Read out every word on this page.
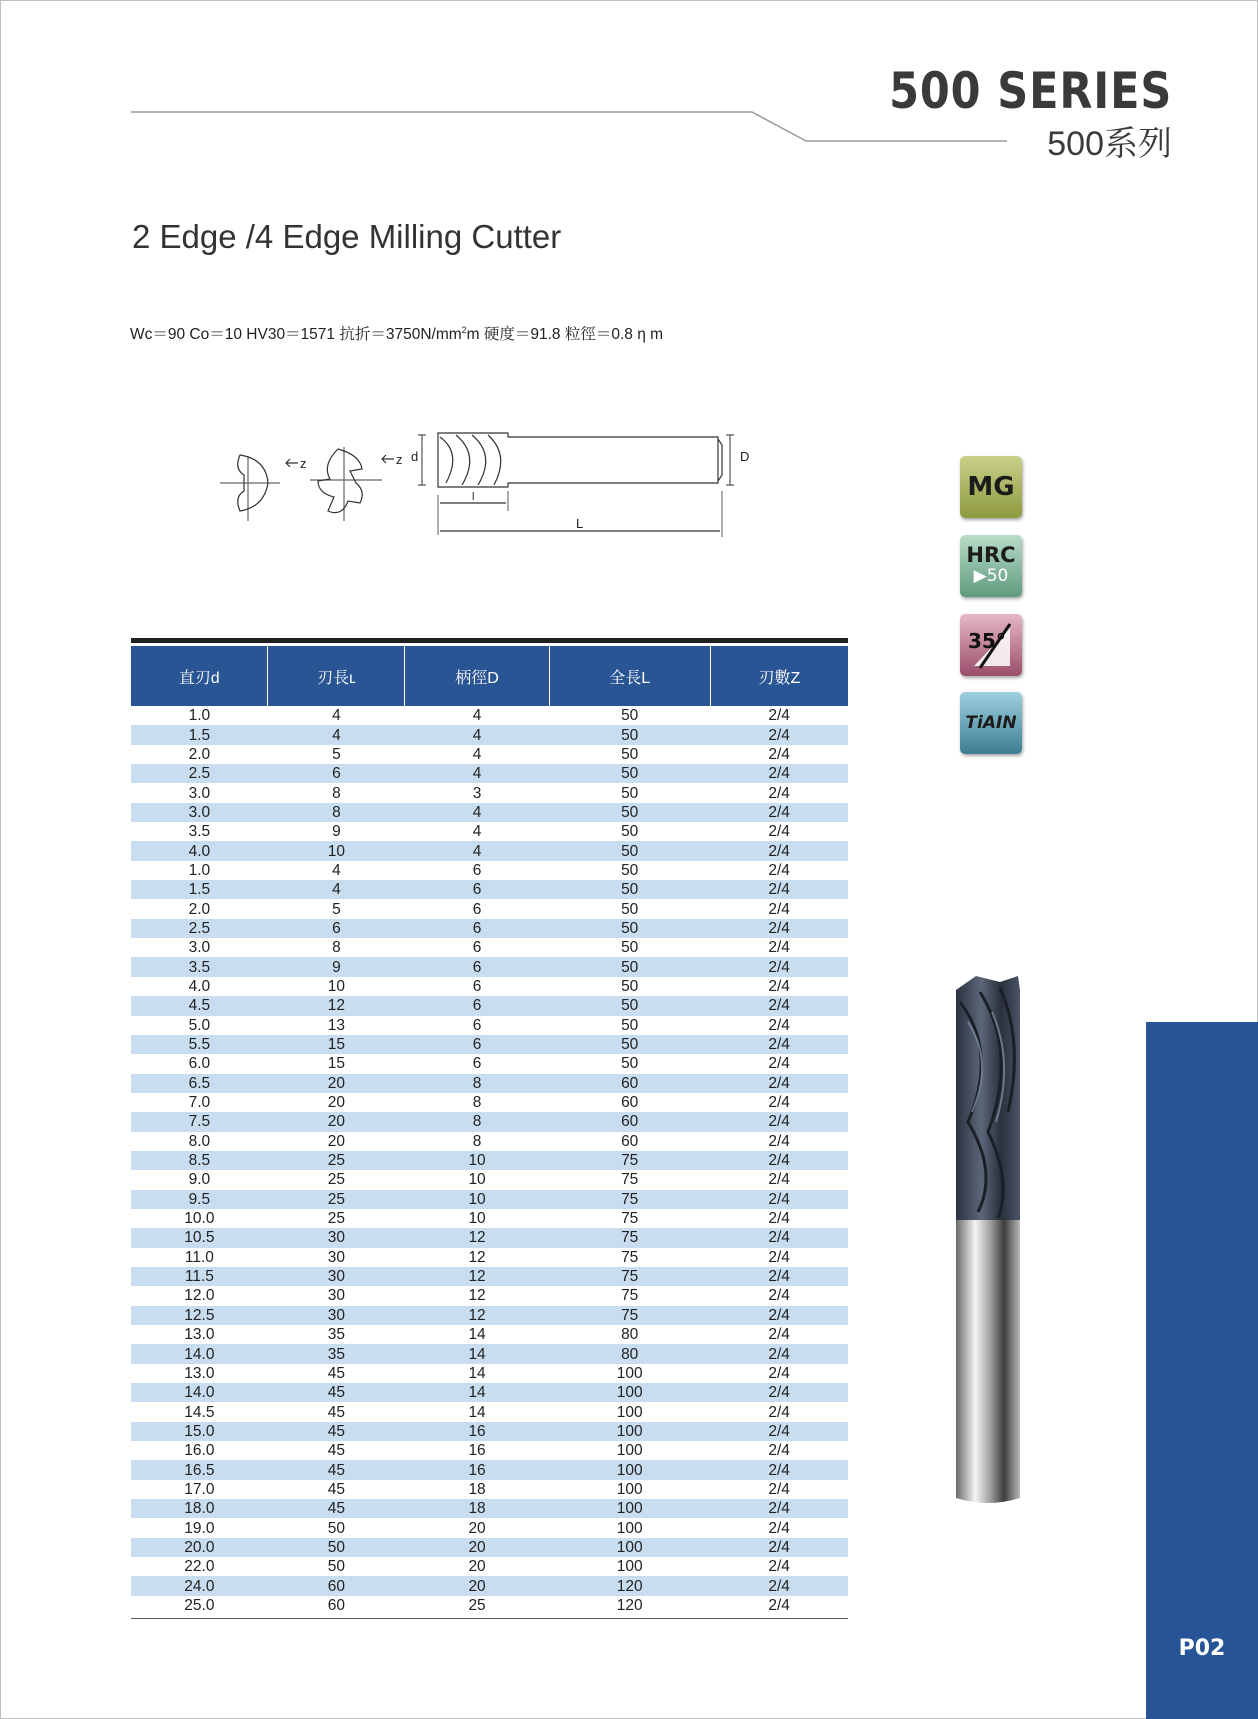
500 SERIES
500系列
2 Edge /4 Edge Milling Cutter
Wc＝90 Co＝10 HV30＝1571 抗折$=3750N/mm^2m$ 硬度＝91.8 粒徑＝0.8 η m
z	z d	D
l
L
MG
HRC
▶50
35°
TiAIN
直刃d	刃長ʟ	柄徑D	全長L	刃數Z
1.0	4	4	50	2/4
1.5	4	4	50	2/4
2.0	5	4	50	2/4
2.5	6	4	50	2/4
3.0	8	3	50	2/4
3.0	8	4	50	2/4
3.5	9	4	50	2/4
4.0	10	4	50	2/4
1.0	4	6	50	2/4
1.5	4	6	50	2/4
2.0	5	6	50	2/4
2.5	6	6	50	2/4
3.0	8	6	50	2/4
3.5	9	6	50	2/4
4.0	10	6	50	2/4
4.5	12	6	50	2/4
5.0	13	6	50	2/4
5.5	15	6	50	2/4
6.0	15	6	50	2/4
6.5	20	8	60	2/4
7.0	20	8	60	2/4
7.5	20	8	60	2/4
8.0	20	8	60	2/4
8.5	25	10	75	2/4
9.0	25	10	75	2/4
9.5	25	10	75	2/4
10.0	25	10	75	2/4
10.5	30	12	75	2/4
11.0	30	12	75	2/4
11.5	30	12	75	2/4
12.0	30	12	75	2/4
12.5	30	12	75	2/4
13.0	35	14	80	2/4
14.0	35	14	80	2/4
13.0	45	14	100	2/4
14.0	45	14	100	2/4
14.5	45	14	100	2/4
15.0	45	16	100	2/4
16.0	45	16	100	2/4
16.5	45	16	100	2/4
17.0	45	18	100	2/4
18.0	45	18	100	2/4
19.0	50	20	100	2/4
20.0	50	20	100	2/4
22.0	50	20	100	2/4
24.0	60	20	120	2/4
25.0	60	25	120	2/4
P02
